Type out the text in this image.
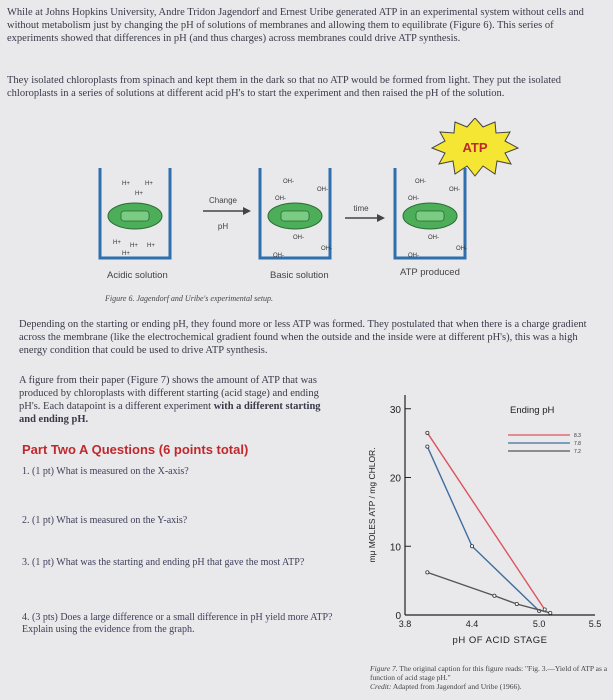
While at Johns Hopkins University, Andre Tridon Jagendorf and Ernest Uribe generated ATP in an experimental system without cells and without metabolism just by changing the pH of solutions of membranes and allowing them to equilibrate (Figure 6). This series of experiments showed that differences in pH (and thus charges) across membranes could drive ATP synthesis.
They isolated chloroplasts from spinach and kept them in the dark so that no ATP would be formed from light. They put the isolated chloroplasts in a series of solutions at different acid pH's to start the experiment and then raised the pH of the solution.
ATP
H+	H+
H+
H+ H+ H+
H+
Acidic solution
Change
pH
OH-
OH-
OH-
OH-
OH-
OH-
Basic solution
time
OH-
OH-
OH-
OH-
OH-
OH-
ATP produced
Figure 6. Jagendorf and Uribe's experimental setup.
Depending on the starting or ending pH, they found more or less ATP was formed. They postulated that when there is a charge gradient across the membrane (like the electrochemical gradient found when the outside and the inside were at different pH's), this was a high energy condition that could be used to drive ATP synthesis.
A figure from their paper (Figure 7) shows the amount of ATP that was produced by chloroplasts with different starting (acid stage) and ending pH's. Each datapoint is a different experiment with a different starting and ending pH.
Part Two A Questions (6 points total)
1. (1 pt) What is measured on the X-axis?
2. (1 pt) What is measured on the Y-axis?
3. (1 pt) What was the starting and ending pH that gave the most ATP?
4. (3 pts) Does a large difference or a small difference in pH yield more ATP? Explain using the evidence from the graph.
0
10
20
30
3.8	4.4	5.0	5.5
pH OF ACID STAGE
mμ MOLES ATP / mg CHLOR.
Ending pH
8.3
7.8
7.2
Figure 7. The original caption for this figure reads: "Fig. 3.—Yield of ATP as a function of acid stage pH."
Credit: Adapted from Jagendorf and Uribe (1966).
